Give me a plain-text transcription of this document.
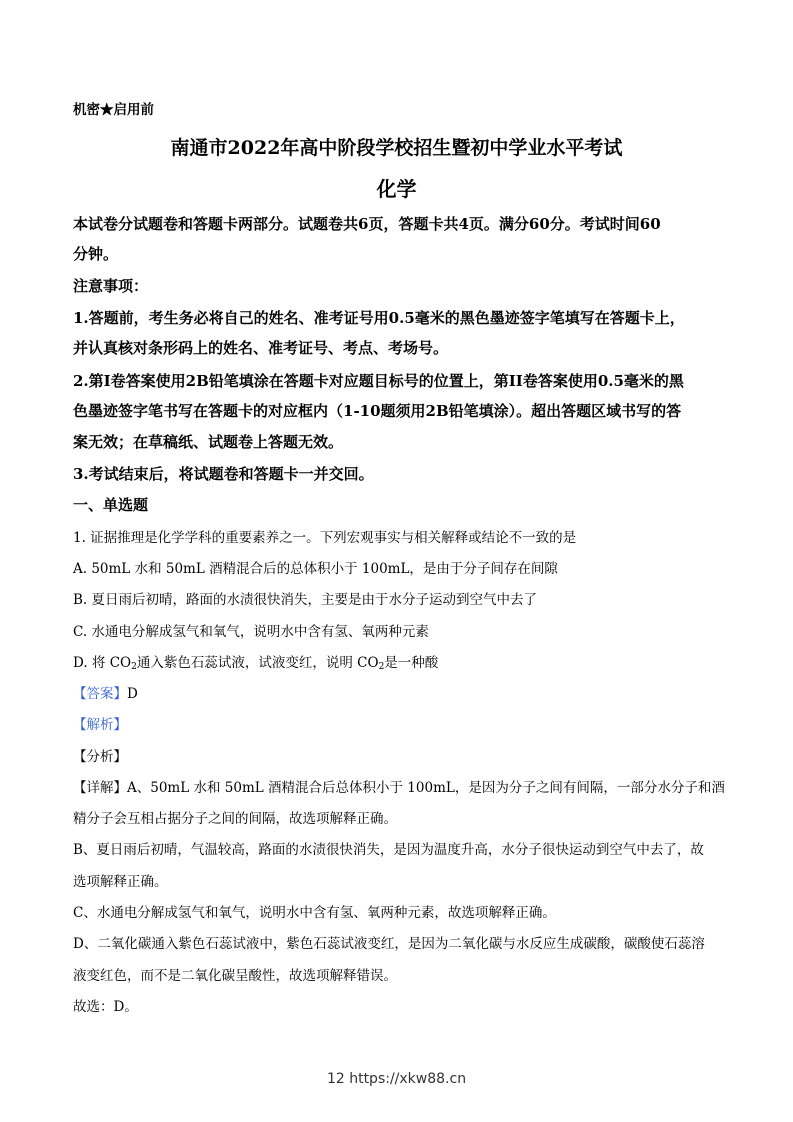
机密★启用前
南通市2022年高中阶段学校招生暨初中学业水平考试
化学
本试卷分试题卷和答题卡两部分。试题卷共6页，答题卡共4页。满分60分。考试时间60
分钟。
注意事项：
1.答题前，考生务必将自己的姓名、准考证号用0.5毫米的黑色墨迹签字笔填写在答题卡上，
并认真核对条形码上的姓名、准考证号、考点、考场号。
2.第I卷答案使用2B铅笔填涂在答题卡对应题目标号的位置上，第II卷答案使用0.5毫米的黑
色墨迹签字笔书写在答题卡的对应框内（1-10题须用2B铅笔填涂）。超出答题区域书写的答
案无效；在草稿纸、试题卷上答题无效。
3.考试结束后，将试题卷和答题卡一并交回。
一、单选题
1. 证据推理是化学学科的重要素养之一。下列宏观事实与相关解释或结论不一致的是
A. 50mL 水和 50mL 酒精混合后的总体积小于 100mL，是由于分子间存在间隙
B. 夏日雨后初晴，路面的水渍很快消失，主要是由于水分子运动到空气中去了
C. 水通电分解成氢气和氧气，说明水中含有氢、氧两种元素
D. 将 $CO_2$通入紫色石蕊试液，试液变红，说明 $CO_2$是一种酸
【答案】D
【解析】
【分析】
【详解】A、50mL 水和 50mL 酒精混合后总体积小于 100mL，是因为分子之间有间隔，一部分水分子和酒
精分子会互相占据分子之间的间隔，故选项解释正确。
B、夏日雨后初晴，气温较高，路面的水渍很快消失，是因为温度升高，水分子很快运动到空气中去了，故
选项解释正确。
C、水通电分解成氢气和氧气，说明水中含有氢、氧两种元素，故选项解释正确。
D、二氧化碳通入紫色石蕊试液中，紫色石蕊试液变红，是因为二氧化碳与水反应生成碳酸，碳酸使石蕊溶
液变红色，而不是二氧化碳呈酸性，故选项解释错误。
故选：D。
12 https://xkw88.cn
